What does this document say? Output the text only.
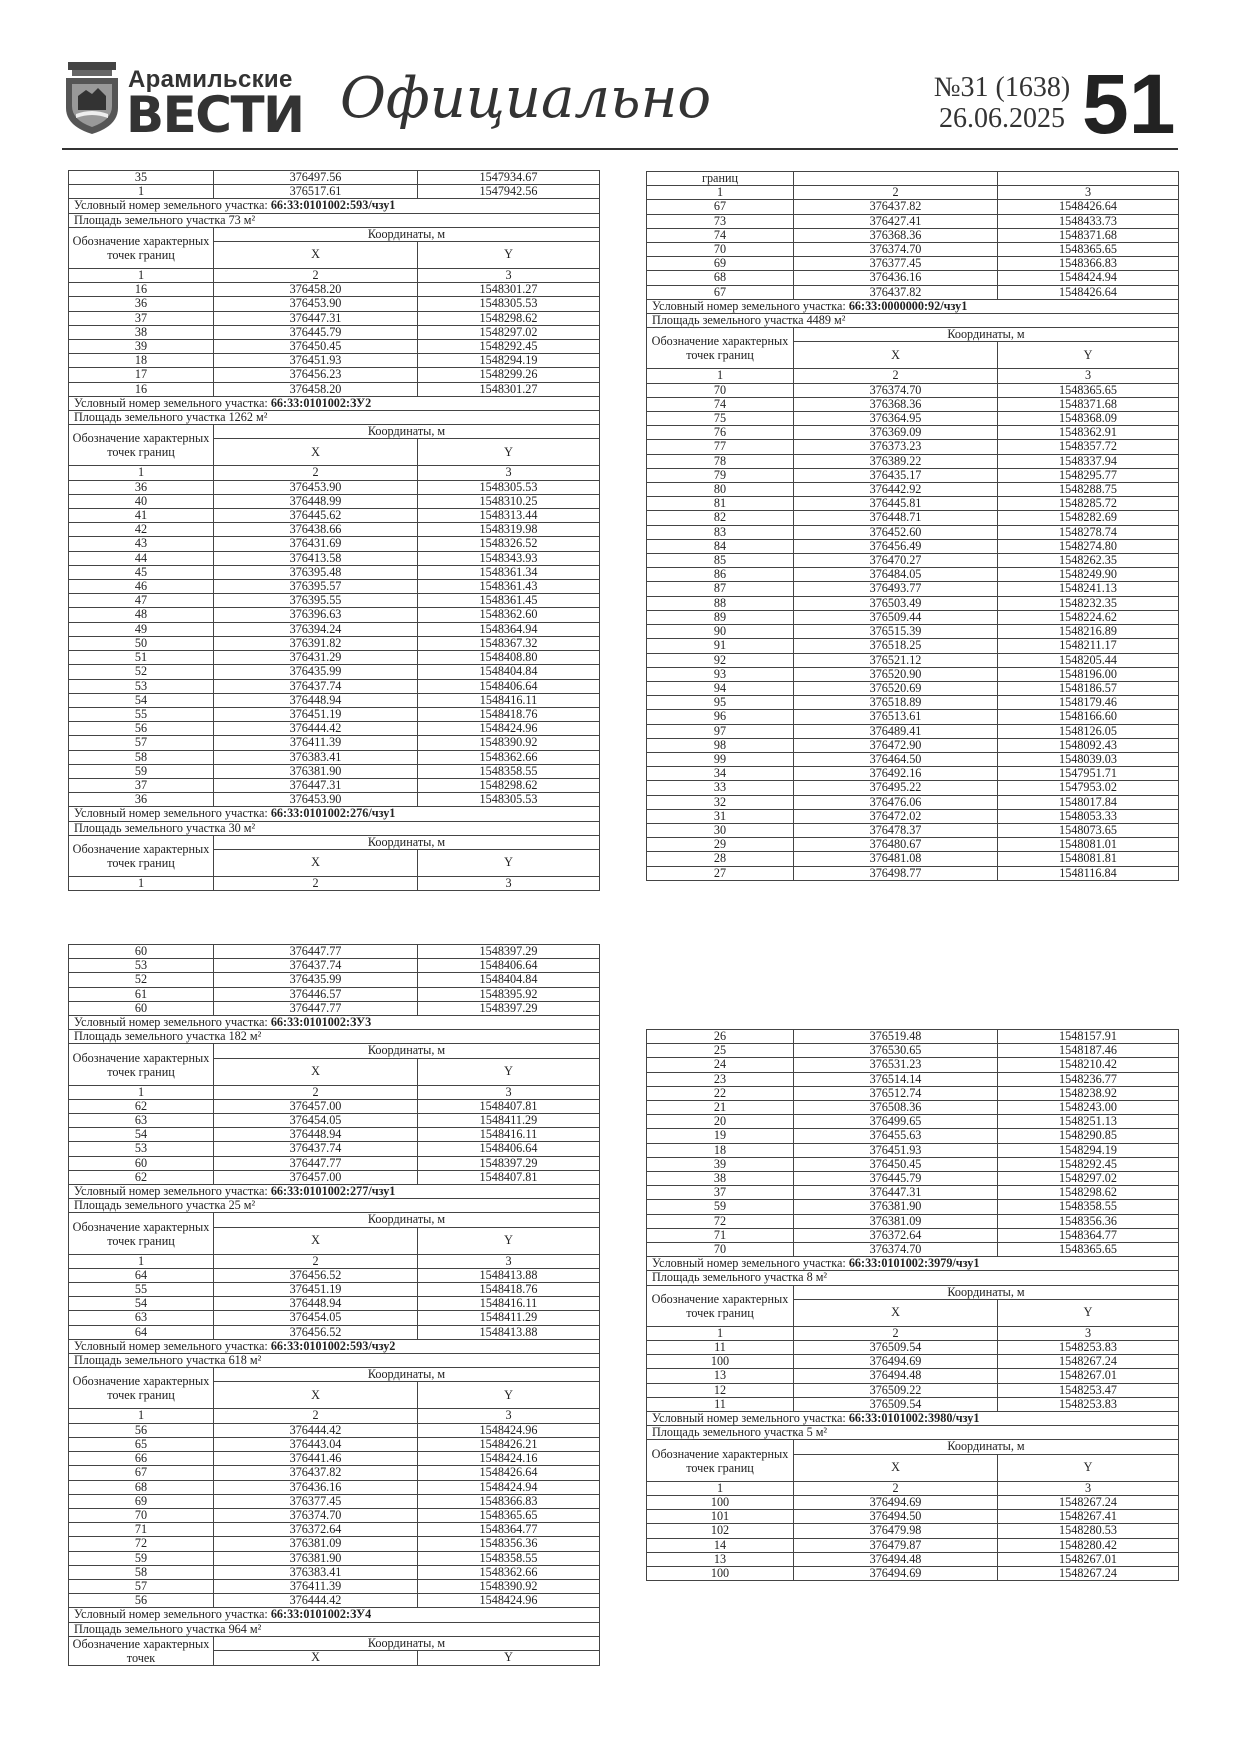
Арамильские
ВЕСТИ Официально	№31 (1638)
26.06.2025 51
35	376497.56	1547934.67
1	376517.61	1547942.56
Условный номер земельного участка: 66:33:0101002:593/чзу1		
Площадь земельного участка 73 м²		
Обозначение характерных точек границ	Координаты, м	
	X	Y
1	2	3
16	376458.20	1548301.27
36	376453.90	1548305.53
37	376447.31	1548298.62
38	376445.79	1548297.02
39	376450.45	1548292.45
18	376451.93	1548294.19
17	376456.23	1548299.26
16	376458.20	1548301.27
Условный номер земельного участка: 66:33:0101002:ЗУ2		
Площадь земельного участка 1262 м²		
Обозначение характерных точек границ	Координаты, м	
	X	Y
1	2	3
36	376453.90	1548305.53
40	376448.99	1548310.25
41	376445.62	1548313.44
42	376438.66	1548319.98
43	376431.69	1548326.52
44	376413.58	1548343.93
45	376395.48	1548361.34
46	376395.57	1548361.43
47	376395.55	1548361.45
48	376396.63	1548362.60
49	376394.24	1548364.94
50	376391.82	1548367.32
51	376431.29	1548408.80
52	376435.99	1548404.84
53	376437.74	1548406.64
54	376448.94	1548416.11
55	376451.19	1548418.76
56	376444.42	1548424.96
57	376411.39	1548390.92
58	376383.41	1548362.66
59	376381.90	1548358.55
37	376447.31	1548298.62
36	376453.90	1548305.53
Условный номер земельного участка: 66:33:0101002:276/чзу1		
Площадь земельного участка 30 м²		
Обозначение характерных точек границ	Координаты, м	
	X	Y
1	2	3
60	376447.77	1548397.29
53	376437.74	1548406.64
52	376435.99	1548404.84
61	376446.57	1548395.92
60	376447.77	1548397.29
Условный номер земельного участка: 66:33:0101002:ЗУ3		
Площадь земельного участка 182 м²		
Обозначение характерных точек границ	Координаты, м	
	X	Y
1	2	3
62	376457.00	1548407.81
63	376454.05	1548411.29
54	376448.94	1548416.11
53	376437.74	1548406.64
60	376447.77	1548397.29
62	376457.00	1548407.81
Условный номер земельного участка: 66:33:0101002:277/чзу1		
Площадь земельного участка 25 м²		
Обозначение характерных точек границ	Координаты, м	
	X	Y
1	2	3
64	376456.52	1548413.88
55	376451.19	1548418.76
54	376448.94	1548416.11
63	376454.05	1548411.29
64	376456.52	1548413.88
Условный номер земельного участка: 66:33:0101002:593/чзу2		
Площадь земельного участка 618 м²		
Обозначение характерных точек границ	Координаты, м	
	X	Y
1	2	3
56	376444.42	1548424.96
65	376443.04	1548426.21
66	376441.46	1548424.16
67	376437.82	1548426.64
68	376436.16	1548424.94
69	376377.45	1548366.83
70	376374.70	1548365.65
71	376372.64	1548364.77
72	376381.09	1548356.36
59	376381.90	1548358.55
58	376383.41	1548362.66
57	376411.39	1548390.92
56	376444.42	1548424.96
Условный номер земельного участка: 66:33:0101002:ЗУ4		
Площадь земельного участка 964 м²		
Обозначение характерных точек	Координаты, м	
	X	Y
границ		
1	2	3
67	376437.82	1548426.64
73	376427.41	1548433.73
74	376368.36	1548371.68
70	376374.70	1548365.65
69	376377.45	1548366.83
68	376436.16	1548424.94
67	376437.82	1548426.64
Условный номер земельного участка: 66:33:0000000:92/чзу1		
Площадь земельного участка 4489 м²		
Обозначение характерных точек границ	Координаты, м	
	X	Y
1	2	3
70	376374.70	1548365.65
74	376368.36	1548371.68
75	376364.95	1548368.09
76	376369.09	1548362.91
77	376373.23	1548357.72
78	376389.22	1548337.94
79	376435.17	1548295.77
80	376442.92	1548288.75
81	376445.81	1548285.72
82	376448.71	1548282.69
83	376452.60	1548278.74
84	376456.49	1548274.80
85	376470.27	1548262.35
86	376484.05	1548249.90
87	376493.77	1548241.13
88	376503.49	1548232.35
89	376509.44	1548224.62
90	376515.39	1548216.89
91	376518.25	1548211.17
92	376521.12	1548205.44
93	376520.90	1548196.00
94	376520.69	1548186.57
95	376518.89	1548179.46
96	376513.61	1548166.60
97	376489.41	1548126.05
98	376472.90	1548092.43
99	376464.50	1548039.03
34	376492.16	1547951.71
33	376495.22	1547953.02
32	376476.06	1548017.84
31	376472.02	1548053.33
30	376478.37	1548073.65
29	376480.67	1548081.01
28	376481.08	1548081.81
27	376498.77	1548116.84
26	376519.48	1548157.91
25	376530.65	1548187.46
24	376531.23	1548210.42
23	376514.14	1548236.77
22	376512.74	1548238.92
21	376508.36	1548243.00
20	376499.65	1548251.13
19	376455.63	1548290.85
18	376451.93	1548294.19
39	376450.45	1548292.45
38	376445.79	1548297.02
37	376447.31	1548298.62
59	376381.90	1548358.55
72	376381.09	1548356.36
71	376372.64	1548364.77
70	376374.70	1548365.65
Условный номер земельного участка: 66:33:0101002:3979/чзу1		
Площадь земельного участка 8 м²		
Обозначение характерных точек границ	Координаты, м	
	X	Y
1	2	3
11	376509.54	1548253.83
100	376494.69	1548267.24
13	376494.48	1548267.01
12	376509.22	1548253.47
11	376509.54	1548253.83
Условный номер земельного участка: 66:33:0101002:3980/чзу1		
Площадь земельного участка 5 м²		
Обозначение характерных точек границ	Координаты, м	
	X	Y
1	2	3
100	376494.69	1548267.24
101	376494.50	1548267.41
102	376479.98	1548280.53
14	376479.87	1548280.42
13	376494.48	1548267.01
100	376494.69	1548267.24
